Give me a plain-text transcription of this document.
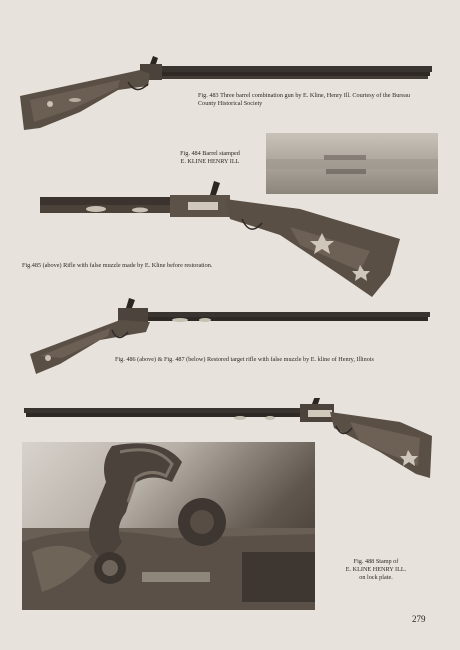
Fig. 483 Three barrel combination gun by E. Kline, Henry Ill. Courtesy of the Bureau County Historical Society
Fig. 484 Barrel stamped
E. KLINE HENRY ILL
Fig.485 (above) Rifle with false muzzle made by E. Kline before restoration.
Fig. 486 (above) & Fig. 487 (below) Restored target rifle with false muzzle by E. kline of Henry, Illinois
Fig. 488 Stamp of
E. KLINE HENRY ILL.
on lock plate.
279
